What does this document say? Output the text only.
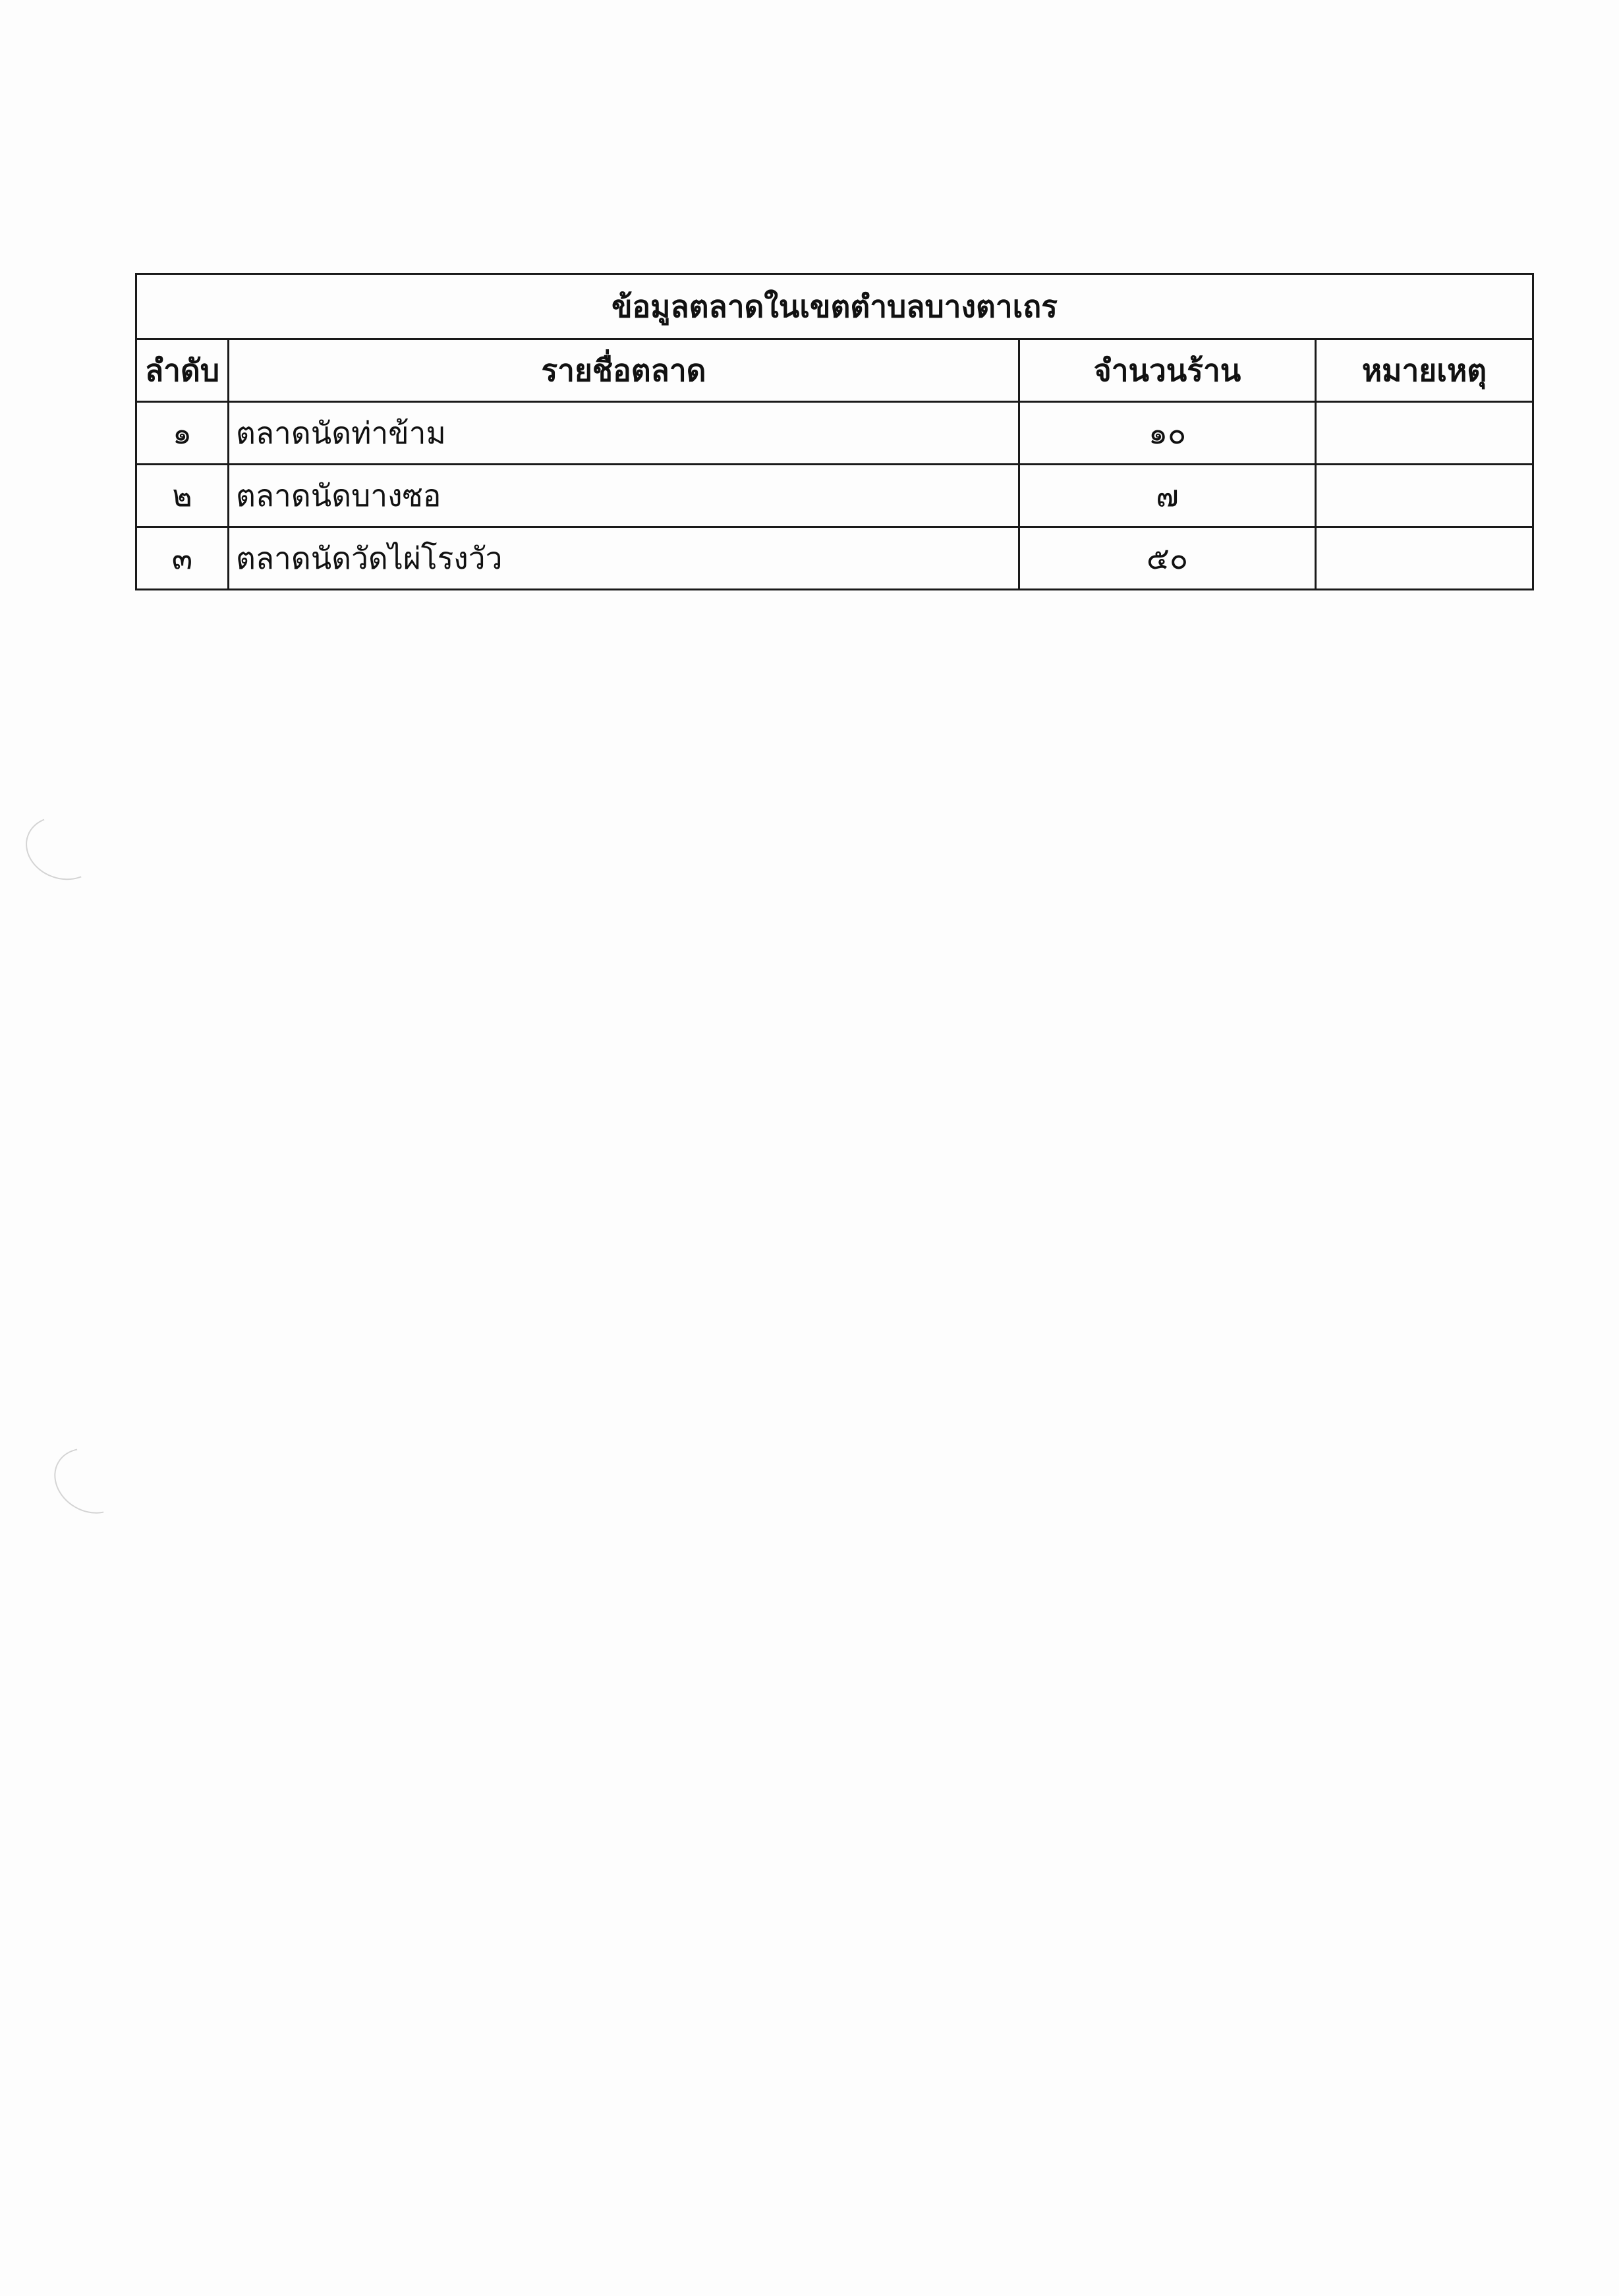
ข้อมูลตลาดในเขตตำบลบางตาเถร			
ลำดับ	รายชื่อตลาด	จำนวนร้าน	หมายเหตุ
๑	ตลาดนัดท่าข้าม	๑๐	
๒	ตลาดนัดบางซอ	๗	
๓	ตลาดนัดวัดไผ่โรงวัว	๕๐	
